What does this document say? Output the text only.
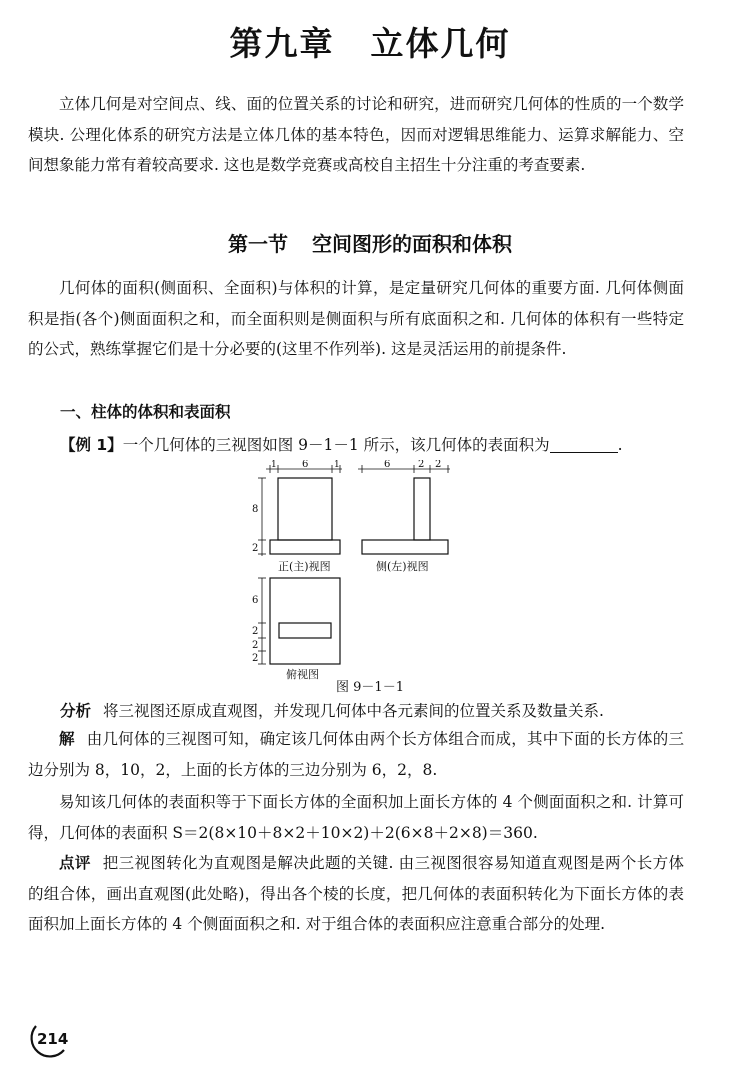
第九章 立体几何

立体几何是对空间点、线、面的位置关系的讨论和研究，进而研究几何体的性质的一个数学模块. 公理化体系的研究方法是立体几体的基本特色，因而对逻辑思维能力、运算求解能力、空间想象能力常有着较高要求. 这也是数学竞赛或高校自主招生十分注重的考查要素.

第一节 空间图形的面积和体积

几何体的面积(侧面积、全面积)与体积的计算，是定量研究几何体的重要方面. 几何体侧面积是指(各个)侧面面积之和，而全面积则是侧面积与所有底面积之和. 几何体的体积有一些特定的公式，熟练掌握它们是十分必要的(这里不作列举). 这是灵活运用的前提条件.

一、柱体的体积和表面积

【例 1】一个几何体的三视图如图 9－1－1 所示，该几何体的表面积为	.

1	6	1
8
2
6	2 2
6
2
2
2
正(主)视图	侧(左)视图
俯视图
图 9－1－1

分析 将三视图还原成直观图，并发现几何体中各元素间的位置关系及数量关系.

解 由几何体的三视图可知，确定该几何体由两个长方体组合而成，其中下面的长方体的三边分别为 8，10，2，上面的长方体的三边分别为 6，2，8.

易知该几何体的表面积等于下面长方体的全面积加上面长方体的 4 个侧面面积之和. 计算可得，几何体的表面积 S＝2(8×10＋8×2＋10×2)＋2(6×8＋2×8)＝360.

点评 把三视图转化为直观图是解决此题的关键. 由三视图很容易知道直观图是两个长方体的组合体，画出直观图(此处略)，得出各个棱的长度，把几何体的表面积转化为下面长方体的表面积加上面长方体的 4 个侧面面积之和. 对于组合体的表面积应注意重合部分的处理.

214
